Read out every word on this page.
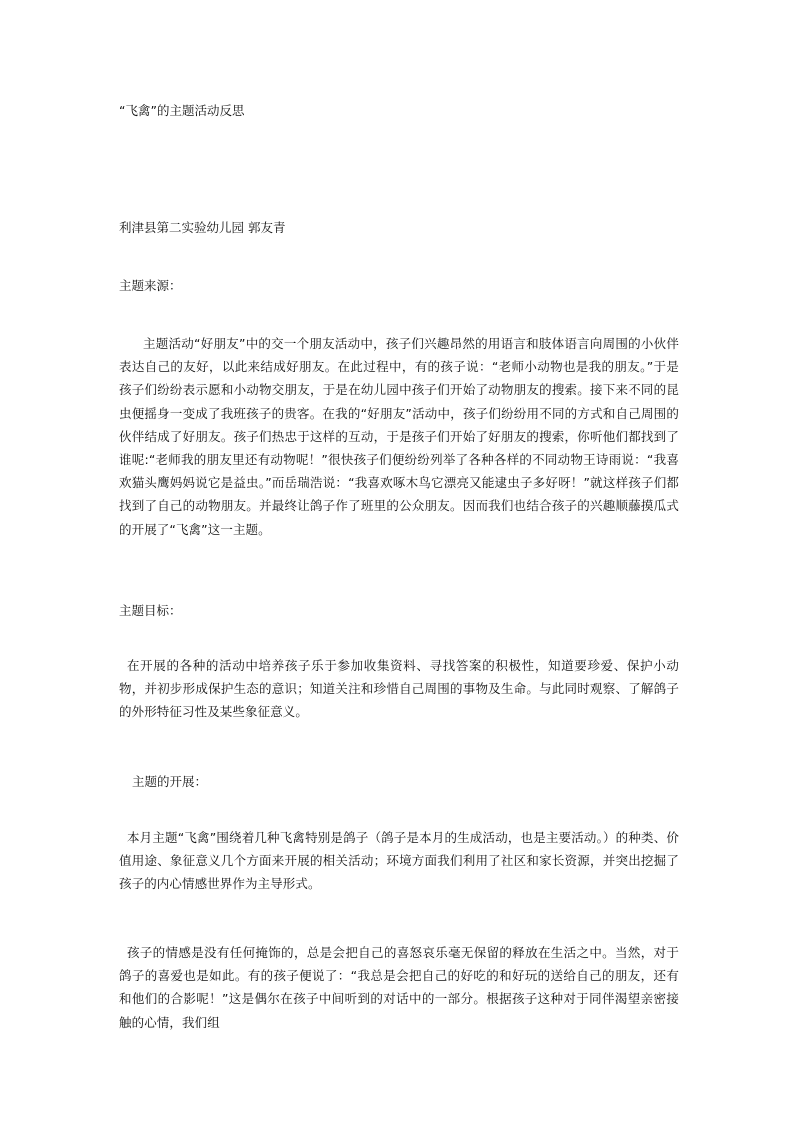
“飞禽”的主题活动反思

利津县第二实验幼儿园 郭友青

主题来源：

主题活动“好朋友”中的交一个朋友活动中，孩子们兴趣昂然的用语言和肢体语言向周围的小伙伴表达自己的友好，以此来结成好朋友。在此过程中，有的孩子说：“老师小动物也是我的朋友。”于是孩子们纷纷表示愿和小动物交朋友，于是在幼儿园中孩子们开始了动物朋友的搜索。接下来不同的昆虫便摇身一变成了我班孩子的贵客。在我的“好朋友”活动中，孩子们纷纷用不同的方式和自己周围的伙伴结成了好朋友。孩子们热忠于这样的互动，于是孩子们开始了好朋友的搜索，你听他们都找到了谁呢:“老师我的朋友里还有动物呢！”很快孩子们便纷纷列举了各种各样的不同动物王诗雨说：“我喜欢猫头鹰妈妈说它是益虫。”而岳瑞浩说：“我喜欢啄木鸟它漂亮又能逮虫子多好呀！”就这样孩子们都找到了自己的动物朋友。并最终让鸽子作了班里的公众朋友。因而我们也结合孩子的兴趣顺藤摸瓜式的开展了“飞禽”这一主题。

主题目标：

在开展的各种的活动中培养孩子乐于参加收集资料、寻找答案的积极性，知道要珍爱、保护小动物，并初步形成保护生态的意识；知道关注和珍惜自己周围的事物及生命。与此同时观察、了解鸽子的外形特征习性及某些象征意义。

主题的开展：

本月主题“飞禽”围绕着几种飞禽特别是鸽子（鸽子是本月的生成活动，也是主要活动。）的种类、价值用途、象征意义几个方面来开展的相关活动；环境方面我们利用了社区和家长资源，并突出挖掘了孩子的内心情感世界作为主导形式。

孩子的情感是没有任何掩饰的，总是会把自己的喜怒哀乐毫无保留的释放在生活之中。当然，对于鸽子的喜爱也是如此。有的孩子便说了：“我总是会把自己的好吃的和好玩的送给自己的朋友，还有和他们的合影呢！”这是偶尔在孩子中间听到的对话中的一部分。根据孩子这种对于同伴渴望亲密接触的心情，我们组
